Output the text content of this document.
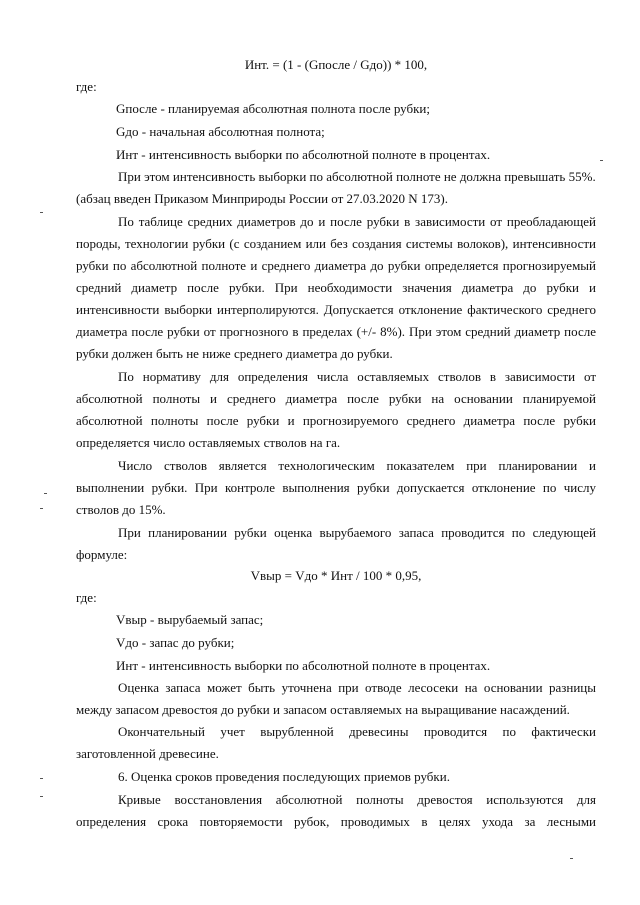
Инт. = (1 - (Gпосле / Gдо)) * 100,
где:
Gпосле - планируемая абсолютная полнота после рубки;
Gдо - начальная абсолютная полнота;
Инт - интенсивность выборки по абсолютной полноте в процентах.
При этом интенсивность выборки по абсолютной полноте не должна превышать 55%.
(абзац введен Приказом Минприроды России от 27.03.2020 N 173).
По таблице средних диаметров до и после рубки в зависимости от преобладающей
породы, технологии рубки (с созданием или без создания системы волоков), интенсивности
рубки по абсолютной полноте и среднего диаметра до рубки определяется прогнозируемый
средний диаметр после рубки. При необходимости значения диаметра до рубки и
интенсивности выборки интерполируются. Допускается отклонение фактического среднего
диаметра после рубки от прогнозного в пределах (+/- 8%). При этом средний диаметр после
рубки должен быть не ниже среднего диаметра до рубки.
По нормативу для определения числа оставляемых стволов в зависимости от
абсолютной полноты и среднего диаметра после рубки на основании планируемой
абсолютной полноты после рубки и прогнозируемого среднего диаметра после рубки
определяется число оставляемых стволов на га.
Число стволов является технологическим показателем при планировании и
выполнении рубки. При контроле выполнения рубки допускается отклонение по числу
стволов до 15%.
При планировании рубки оценка вырубаемого запаса проводится по следующей
формуле:
Vвыр = Vдо * Инт / 100 * 0,95,
где:
Vвыр - вырубаемый запас;
Vдо - запас до рубки;
Инт - интенсивность выборки по абсолютной полноте в процентах.
Оценка запаса может быть уточнена при отводе лесосеки на основании разницы
между запасом древостоя до рубки и запасом оставляемых на выращивание насаждений.
Окончательный учет вырубленной древесины проводится по фактически
заготовленной древесине.
6. Оценка сроков проведения последующих приемов рубки.
Кривые восстановления абсолютной полноты древостоя используются для
определения срока повторяемости рубок, проводимых в целях ухода за лесными
